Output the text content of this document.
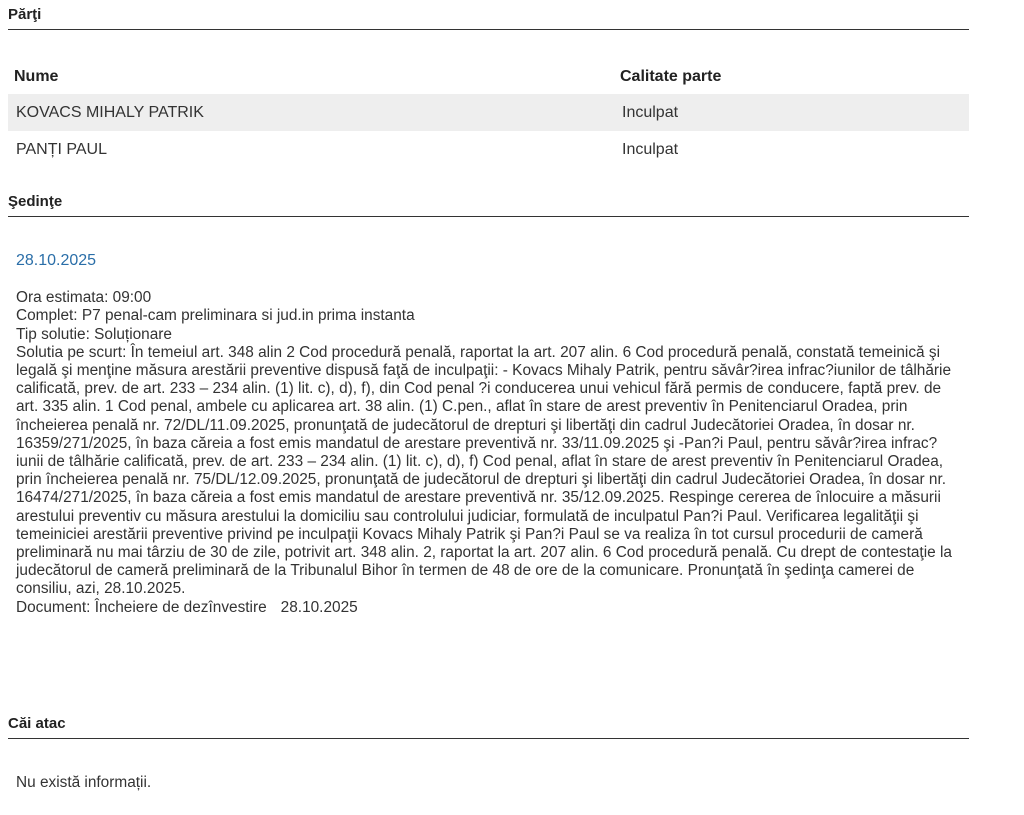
Părţi
Nume	Calitate parte
KOVACS MIHALY PATRIK	Inculpat
PANȚI PAUL	Inculpat
Şedinţe
28.10.2025
Ora estimata: 09:00
Complet: P7 penal-cam preliminara si jud.in prima instanta
Tip solutie: Soluționare
Solutia pe scurt: În temeiul art. 348 alin 2 Cod procedură penală, raportat la art. 207 alin. 6 Cod procedură penală, constată temeinică şi legală şi menţine măsura arestării preventive dispusă faţă de inculpaţii: - Kovacs Mihaly Patrik, pentru săvâr?irea infrac?iunilor de tâlhărie calificată, prev. de art. 233 – 234 alin. (1) lit. c), d), f), din Cod penal ?i conducerea unui vehicul fără permis de conducere, faptă prev. de art. 335 alin. 1 Cod penal, ambele cu aplicarea art. 38 alin. (1) C.pen., aflat în stare de arest preventiv în Penitenciarul Oradea, prin încheierea penală nr. 72/DL/11.09.2025, pronunţată de judecătorul de drepturi şi libertăţi din cadrul Judecătoriei Oradea, în dosar nr. 16359/271/2025, în baza căreia a fost emis mandatul de arestare preventivă nr. 33/11.09.2025 şi -Pan?i Paul, pentru săvâr?irea infrac?iunii de tâlhărie calificată, prev. de art. 233 – 234 alin. (1) lit. c), d), f) Cod penal, aflat în stare de arest preventiv în Penitenciarul Oradea, prin încheierea penală nr. 75/DL/12.09.2025, pronunţată de judecătorul de drepturi şi libertăţi din cadrul Judecătoriei Oradea, în dosar nr. 16474/271/2025, în baza căreia a fost emis mandatul de arestare preventivă nr. 35/12.09.2025. Respinge cererea de înlocuire a măsurii arestului preventiv cu măsura arestului la domiciliu sau controlului judiciar, formulată de inculpatul Pan?i Paul. Verificarea legalităţii şi temeiniciei arestării preventive privind pe inculpaţii Kovacs Mihaly Patrik şi Pan?i Paul se va realiza în tot cursul procedurii de cameră preliminară nu mai târziu de 30 de zile, potrivit art. 348 alin. 2, raportat la art. 207 alin. 6 Cod procedură penală. Cu drept de contestaţie la judecătorul de cameră preliminară de la Tribunalul Bihor în termen de 48 de ore de la comunicare. Pronunţată în şedinţa camerei de consiliu, azi, 28.10.2025.
Document: Încheiere de dezînvestire 28.10.2025
Căi atac
Nu există informații.
